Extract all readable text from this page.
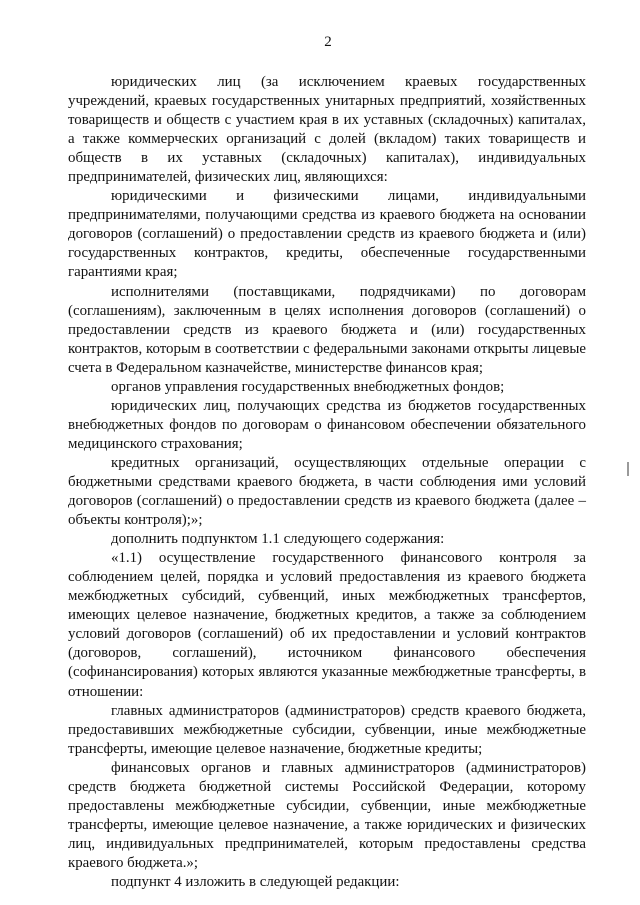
2

юридических лиц (за исключением краевых государственных учреждений, краевых государственных унитарных предприятий, хозяйственных товариществ и обществ с участием края в их уставных (складочных) капиталах, а также коммерческих организаций с долей (вкладом) таких товариществ и обществ в их уставных (складочных) капиталах), индивидуальных предпринимателей, физических лиц, являющихся:

юридическими и физическими лицами, индивидуальными предпринимателями, получающими средства из краевого бюджета на основании договоров (соглашений) о предоставлении средств из краевого бюджета и (или) государственных контрактов, кредиты, обеспеченные государственными гарантиями края;

исполнителями (поставщиками, подрядчиками) по договорам (соглашениям), заключенным в целях исполнения договоров (соглашений) о предоставлении средств из краевого бюджета и (или) государственных контрактов, которым в соответствии с федеральными законами открыты лицевые счета в Федеральном казначействе, министерстве финансов края;

органов управления государственных внебюджетных фондов;

юридических лиц, получающих средства из бюджетов государственных внебюджетных фондов по договорам о финансовом обеспечении обязательного медицинского страхования;

кредитных организаций, осуществляющих отдельные операции с бюджетными средствами краевого бюджета, в части соблюдения ими условий договоров (соглашений) о предоставлении средств из краевого бюджета (далее – объекты контроля);»;

дополнить подпунктом 1.1 следующего содержания:

«1.1) осуществление государственного финансового контроля за соблюдением целей, порядка и условий предоставления из краевого бюджета межбюджетных субсидий, субвенций, иных межбюджетных трансфертов, имеющих целевое назначение, бюджетных кредитов, а также за соблюдением условий договоров (соглашений) об их предоставлении и условий контрактов (договоров, соглашений), источником финансового обеспечения (софинансирования) которых являются указанные межбюджетные трансферты, в отношении:

главных администраторов (администраторов) средств краевого бюджета, предоставивших межбюджетные субсидии, субвенции, иные межбюджетные трансферты, имеющие целевое назначение, бюджетные кредиты;

финансовых органов и главных администраторов (администраторов) средств бюджета бюджетной системы Российской Федерации, которому предоставлены межбюджетные субсидии, субвенции, иные межбюджетные трансферты, имеющие целевое назначение, а также юридических и физических лиц, индивидуальных предпринимателей, которым предоставлены средства краевого бюджета.»;

подпункт 4 изложить в следующей редакции:
